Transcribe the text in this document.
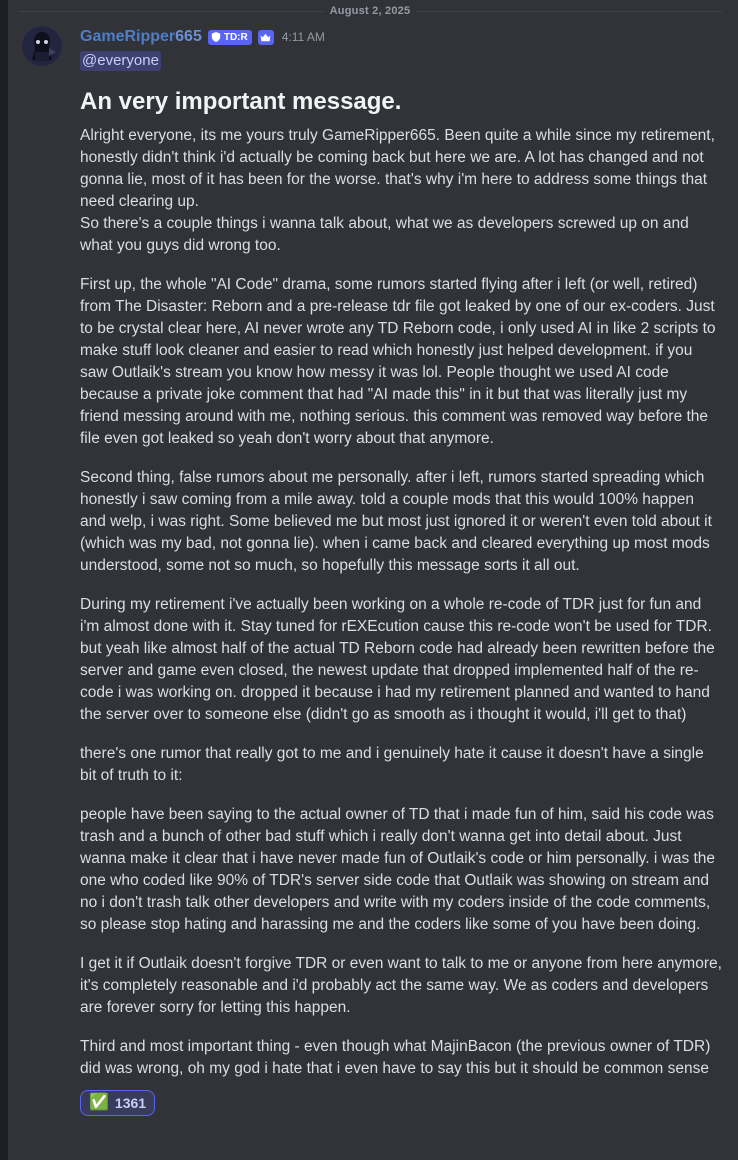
August 2, 2025
GameRipper665 TD:R	4:11 AM
@everyone
An very important message.
Alright everyone, its me yours truly GameRipper665. Been quite a while since my retirement, honestly didn't think i'd actually be coming back but here we are. A lot has changed and not gonna lie, most of it has been for the worse. that's why i'm here to address some things that need clearing up.
So there's a couple things i wanna talk about, what we as developers screwed up on and what you guys did wrong too.
First up, the whole "AI Code" drama, some rumors started flying after i left (or well, retired) from The Disaster: Reborn and a pre-release tdr file got leaked by one of our ex-coders. Just to be crystal clear here, AI never wrote any TD Reborn code, i only used AI in like 2 scripts to make stuff look cleaner and easier to read which honestly just helped development. if you saw Outlaik's stream you know how messy it was lol. People thought we used AI code because a private joke comment that had "AI made this" in it but that was literally just my friend messing around with me, nothing serious. this comment was removed way before the file even got leaked so yeah don't worry about that anymore.
Second thing, false rumors about me personally. after i left, rumors started spreading which honestly i saw coming from a mile away. told a couple mods that this would 100% happen and welp, i was right. Some believed me but most just ignored it or weren't even told about it (which was my bad, not gonna lie). when i came back and cleared everything up most mods understood, some not so much, so hopefully this message sorts it all out.
During my retirement i've actually been working on a whole re-code of TDR just for fun and i'm almost done with it. Stay tuned for rEXEcution cause this re-code won't be used for TDR. but yeah like almost half of the actual TD Reborn code had already been rewritten before the server and game even closed, the newest update that dropped implemented half of the re-code i was working on. dropped it because i had my retirement planned and wanted to hand the server over to someone else (didn't go as smooth as i thought it would, i'll get to that)
there's one rumor that really got to me and i genuinely hate it cause it doesn't have a single bit of truth to it:
people have been saying to the actual owner of TD that i made fun of him, said his code was trash and a bunch of other bad stuff which i really don't wanna get into detail about. Just wanna make it clear that i have never made fun of Outlaik's code or him personally. i was the one who coded like 90% of TDR's server side code that Outlaik was showing on stream and no i don't trash talk other developers and write with my coders inside of the code comments, so please stop hating and harassing me and the coders like some of you have been doing.
I get it if Outlaik doesn't forgive TDR or even want to talk to me or anyone from here anymore, it's completely reasonable and i'd probably act the same way. We as coders and developers are forever sorry for letting this happen.
Third and most important thing - even though what MajinBacon (the previous owner of TDR) did was wrong, oh my god i hate that i even have to say this but it should be common sense
✅ 1361
